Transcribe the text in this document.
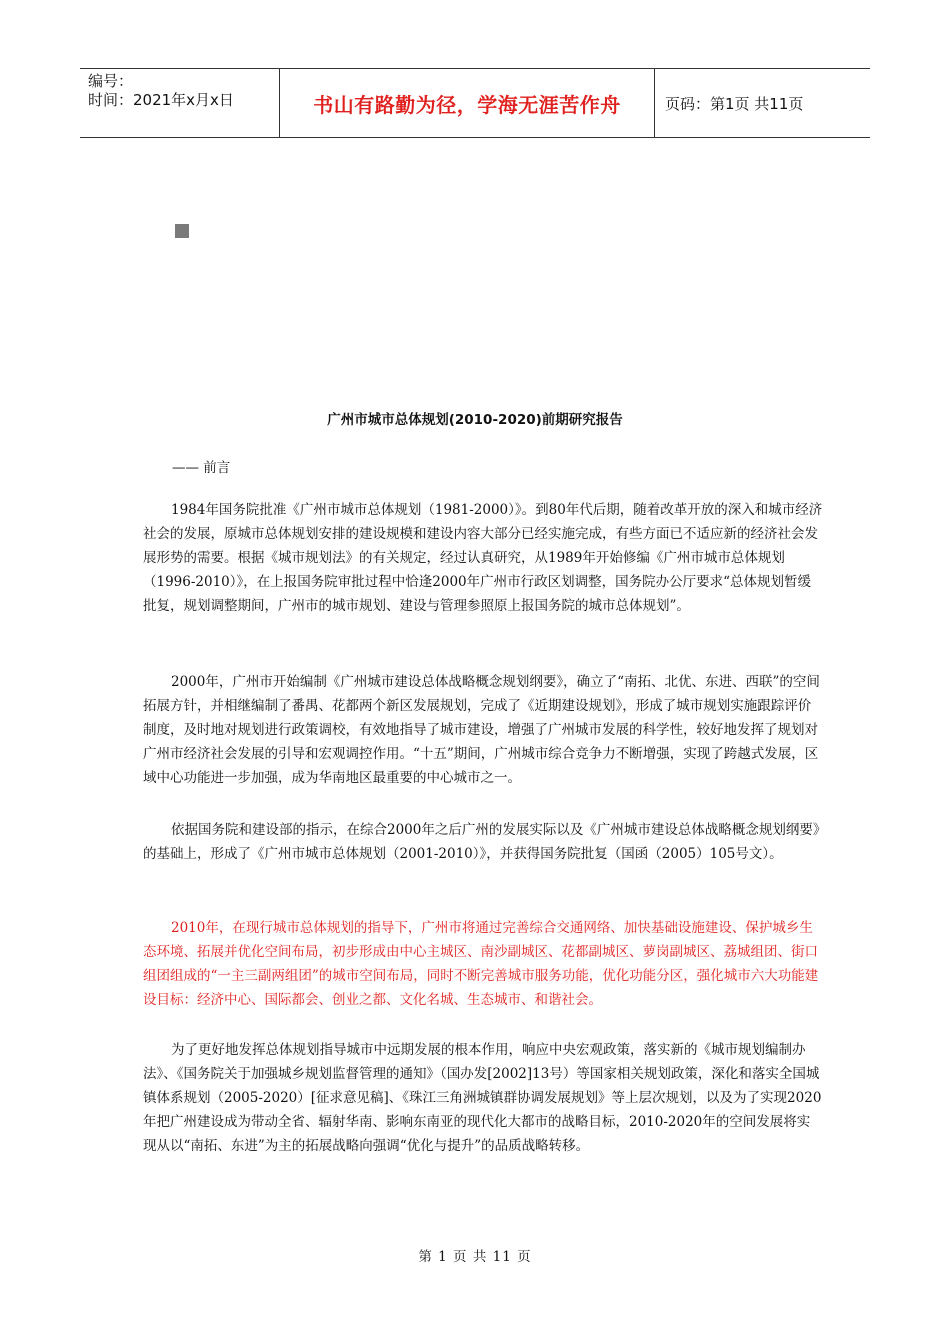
编号：
时间：2021年x月x日	书山有路勤为径，学海无涯苦作舟	页码：第1页 共11页
广州市城市总体规划(2010-2020)前期研究报告
—— 前言

1984年国务院批准《广州市城市总体规划（1981-2000）》。到80年代后期，随着改革开放的深入和城市经济社会的发展，原城市总体规划安排的建设规模和建设内容大部分已经实施完成，有些方面已不适应新的经济社会发展形势的需要。根据《城市规划法》的有关规定，经过认真研究，从1989年开始修编《广州市城市总体规划（1996-2010）》，在上报国务院审批过程中恰逢2000年广州市行政区划调整，国务院办公厅要求“总体规划暂缓批复，规划调整期间，广州市的城市规划、建设与管理参照原上报国务院的城市总体规划”。

2000年，广州市开始编制《广州城市建设总体战略概念规划纲要》，确立了“南拓、北优、东进、西联”的空间拓展方针，并相继编制了番禺、花都两个新区发展规划，完成了《近期建设规划》，形成了城市规划实施跟踪评价制度，及时地对规划进行政策调校，有效地指导了城市建设，增强了广州城市发展的科学性，较好地发挥了规划对广州市经济社会发展的引导和宏观调控作用。“十五”期间，广州城市综合竞争力不断增强，实现了跨越式发展，区域中心功能进一步加强，成为华南地区最重要的中心城市之一。

依据国务院和建设部的指示，在综合2000年之后广州的发展实际以及《广州城市建设总体战略概念规划纲要》的基础上，形成了《广州市城市总体规划（2001-2010）》，并获得国务院批复（国函（2005）105号文）。

2010年，在现行城市总体规划的指导下，广州市将通过完善综合交通网络、加快基础设施建设、保护城乡生态环境、拓展并优化空间布局，初步形成由中心主城区、南沙副城区、花都副城区、萝岗副城区、荔城组团、街口组团组成的“一主三副两组团”的城市空间布局，同时不断完善城市服务功能，优化功能分区，强化城市六大功能建设目标：经济中心、国际都会、创业之都、文化名城、生态城市、和谐社会。

为了更好地发挥总体规划指导城市中远期发展的根本作用，响应中央宏观政策，落实新的《城市规划编制办法》、《国务院关于加强城乡规划监督管理的通知》（国办发[2002]13号）等国家相关规划政策，深化和落实全国城镇体系规划（2005-2020）[征求意见稿]、《珠江三角洲城镇群协调发展规划》等上层次规划，以及为了实现2020年把广州建设成为带动全省、辐射华南、影响东南亚的现代化大都市的战略目标，2010-2020年的空间发展将实现从以“南拓、东进”为主的拓展战略向强调“优化与提升”的品质战略转移。

第 1 页 共 11 页
